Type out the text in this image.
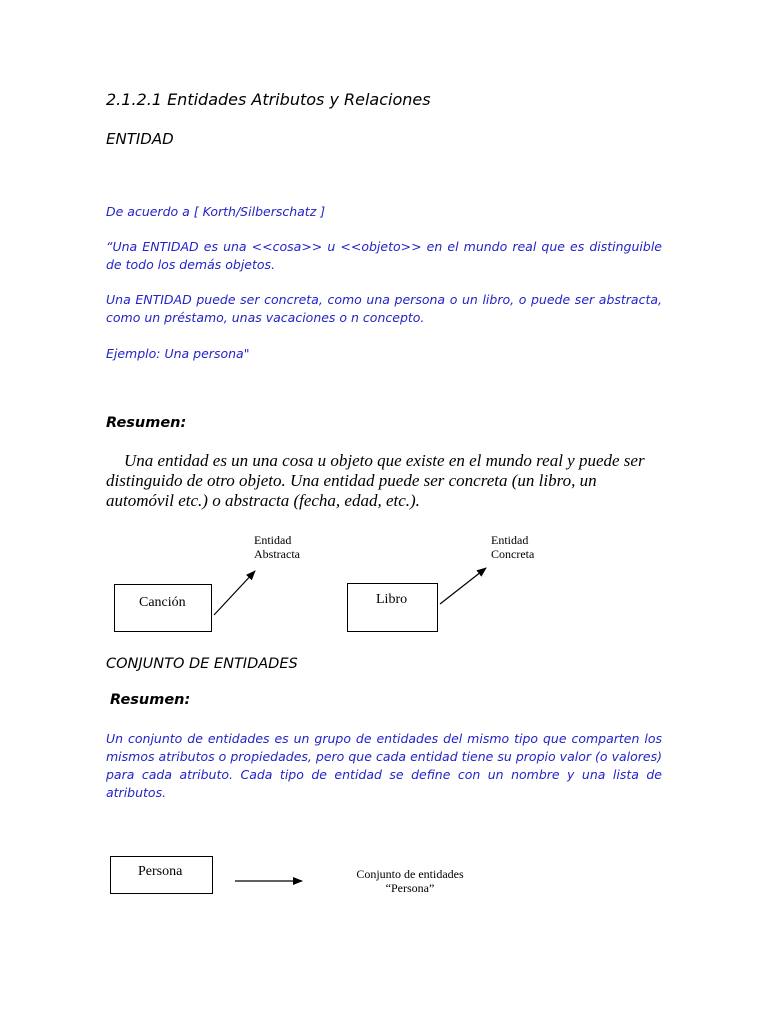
2.1.2.1 Entidades Atributos y Relaciones
ENTIDAD
De acuerdo a [ Korth/Silberschatz ]
“Una ENTIDAD es una <<cosa>> u <<objeto>> en el mundo real que es distinguible de todo los demás objetos.
Una ENTIDAD puede ser concreta, como una persona o un libro, o puede ser abstracta, como un préstamo, unas vacaciones o n concepto.
Ejemplo: Una persona"
Resumen:

Una entidad es un una cosa u objeto que existe en el mundo real y puede ser distinguido de otro objeto. Una entidad puede ser concreta (un libro, un automóvil etc.) o abstracta (fecha, edad, etc.).

Canción
Entidad
Abstracta
Libro
Entidad
Concreta
CONJUNTO DE ENTIDADES
Resumen:
Un conjunto de entidades es un grupo de entidades del mismo tipo que comparten los mismos atributos o propiedades, pero que cada entidad tiene su propio valor (o valores) para cada atributo. Cada tipo de entidad se define con un nombre y una lista de atributos.
Persona	Conjunto de entidades
“Persona”
